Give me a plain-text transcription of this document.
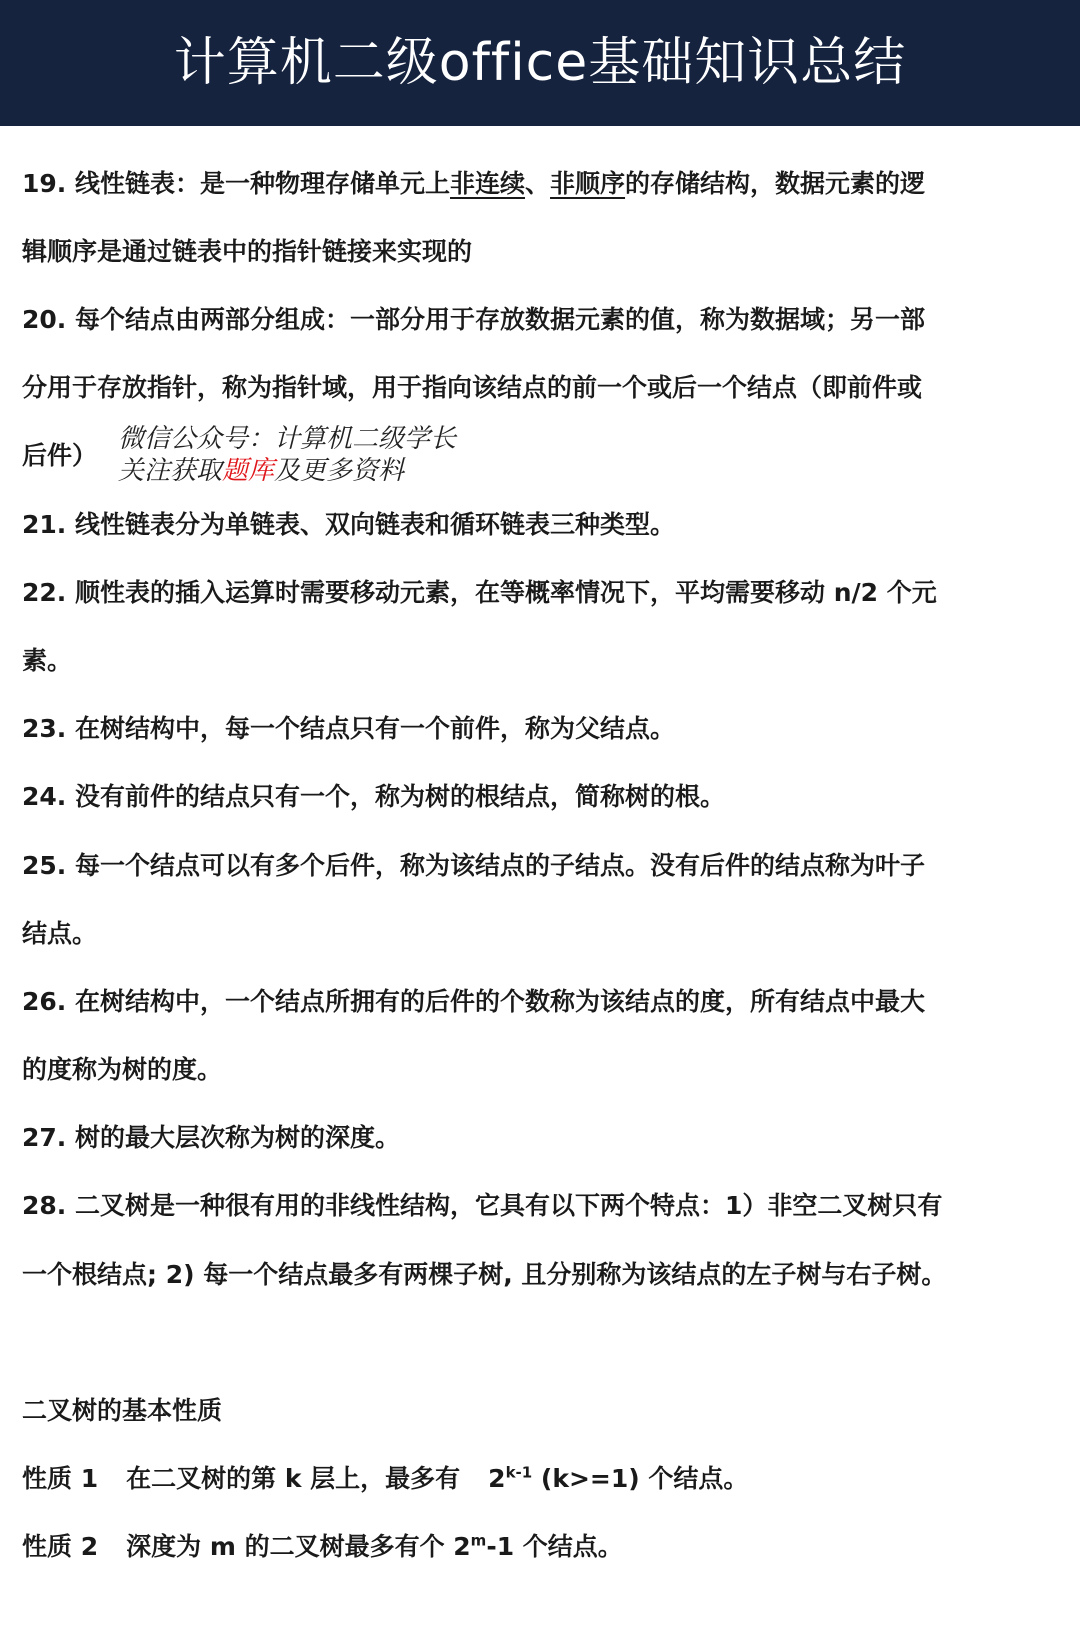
计算机二级office基础知识总结
19. 线性链表：是一种物理存储单元上非连续、非顺序的存储结构，数据元素的逻
辑顺序是通过链表中的指针链接来实现的
20. 每个结点由两部分组成：一部分用于存放数据元素的值，称为数据域；另一部
分用于存放指针，称为指针域，用于指向该结点的前一个或后一个结点（即前件或
后件）
微信公众号：计算机二级学长
关注获取题库及更多资料
21. 线性链表分为单链表、双向链表和循环链表三种类型。
22. 顺性表的插入运算时需要移动元素，在等概率情况下，平均需要移动 n/2 个元
素。
23. 在树结构中，每一个结点只有一个前件，称为父结点。
24. 没有前件的结点只有一个，称为树的根结点，简称树的根。
25. 每一个结点可以有多个后件，称为该结点的子结点。没有后件的结点称为叶子
结点。
26. 在树结构中，一个结点所拥有的后件的个数称为该结点的度，所有结点中最大
的度称为树的度。
27. 树的最大层次称为树的深度。
28. 二叉树是一种很有用的非线性结构，它具有以下两个特点：1）非空二叉树只有
一个根结点; 2) 每一个结点最多有两棵子树, 且分别称为该结点的左子树与右子树。
二叉树的基本性质
性质 1 在二叉树的第 k 层上，最多有 2$^{k-1}$ (k>=1) 个结点。
性质 2 深度为 m 的二叉树最多有个 2$^m$-1 个结点。
